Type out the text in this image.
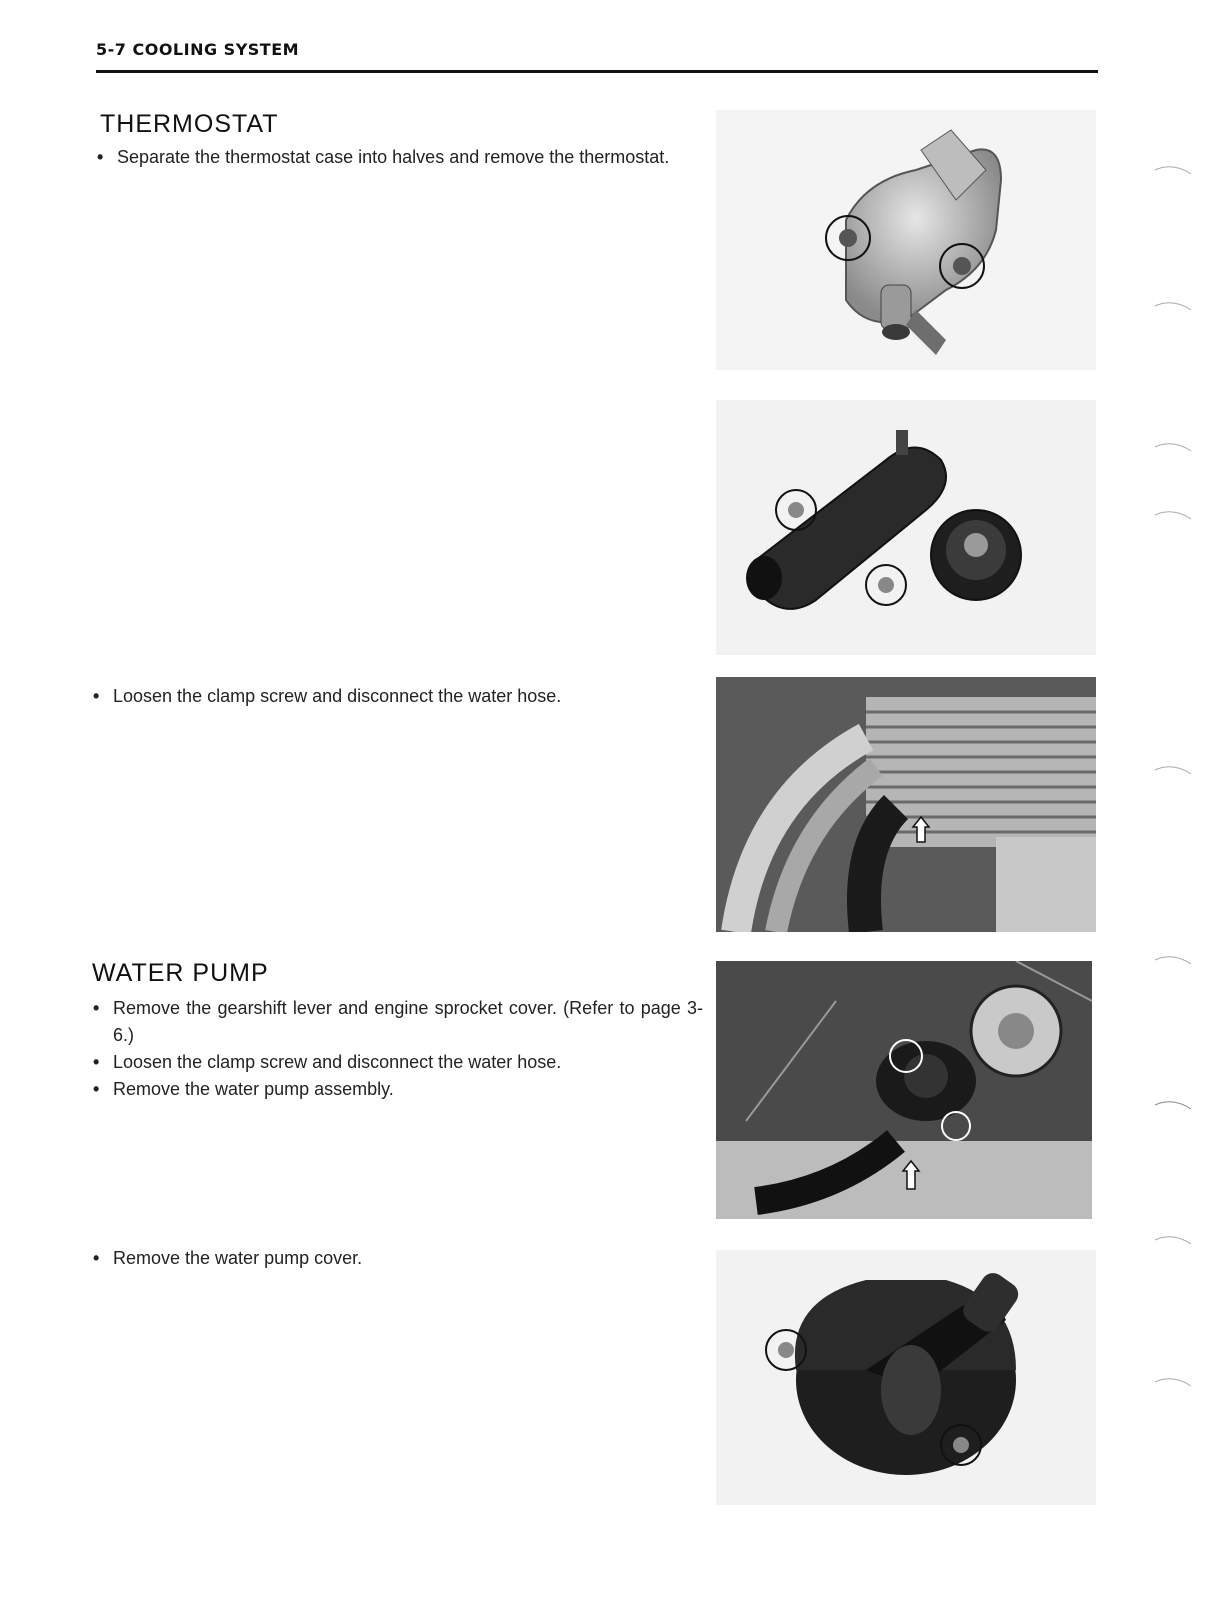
5-7 COOLING SYSTEM
THERMOSTAT
• Separate the thermostat case into halves and remove the thermostat.
• Loosen the clamp screw and disconnect the water hose.
WATER PUMP
• Remove the gearshift lever and engine sprocket cover. (Refer to page 3-6.)
• Loosen the clamp screw and disconnect the water hose.
• Remove the water pump assembly.
• Remove the water pump cover.
